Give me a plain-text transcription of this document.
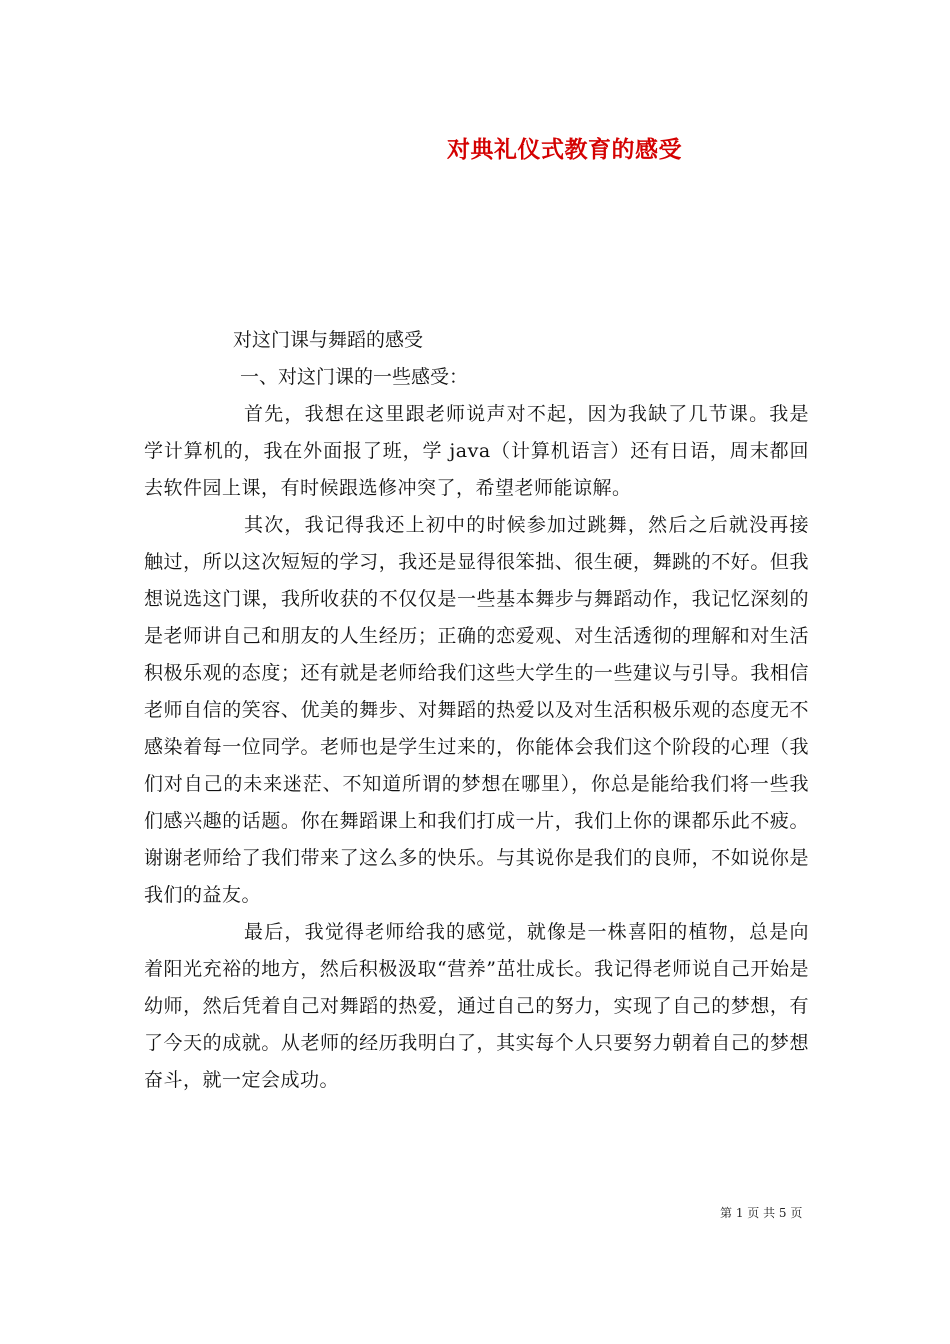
对典礼仪式教育的感受

对这门课与舞蹈的感受

一、对这门课的一些感受：

首先，我想在这里跟老师说声对不起，因为我缺了几节课。我是学计算机的，我在外面报了班，学 java（计算机语言）还有日语，周末都回去软件园上课，有时候跟选修冲突了，希望老师能谅解。

其次，我记得我还上初中的时候参加过跳舞，然后之后就没再接触过，所以这次短短的学习，我还是显得很笨拙、很生硬，舞跳的不好。但我想说选这门课，我所收获的不仅仅是一些基本舞步与舞蹈动作，我记忆深刻的是老师讲自己和朋友的人生经历；正确的恋爱观、对生活透彻的理解和对生活积极乐观的态度；还有就是老师给我们这些大学生的一些建议与引导。我相信老师自信的笑容、优美的舞步、对舞蹈的热爱以及对生活积极乐观的态度无不感染着每一位同学。老师也是学生过来的，你能体会我们这个阶段的心理（我们对自己的未来迷茫、不知道所谓的梦想在哪里），你总是能给我们将一些我们感兴趣的话题。你在舞蹈课上和我们打成一片，我们上你的课都乐此不疲。谢谢老师给了我们带来了这么多的快乐。与其说你是我们的良师，不如说你是我们的益友。

最后，我觉得老师给我的感觉，就像是一株喜阳的植物，总是向着阳光充裕的地方，然后积极汲取“营养”茁壮成长。我记得老师说自己开始是幼师，然后凭着自己对舞蹈的热爱，通过自己的努力，实现了自己的梦想，有了今天的成就。从老师的经历我明白了，其实每个人只要努力朝着自己的梦想奋斗，就一定会成功。

第 1 页 共 5 页
